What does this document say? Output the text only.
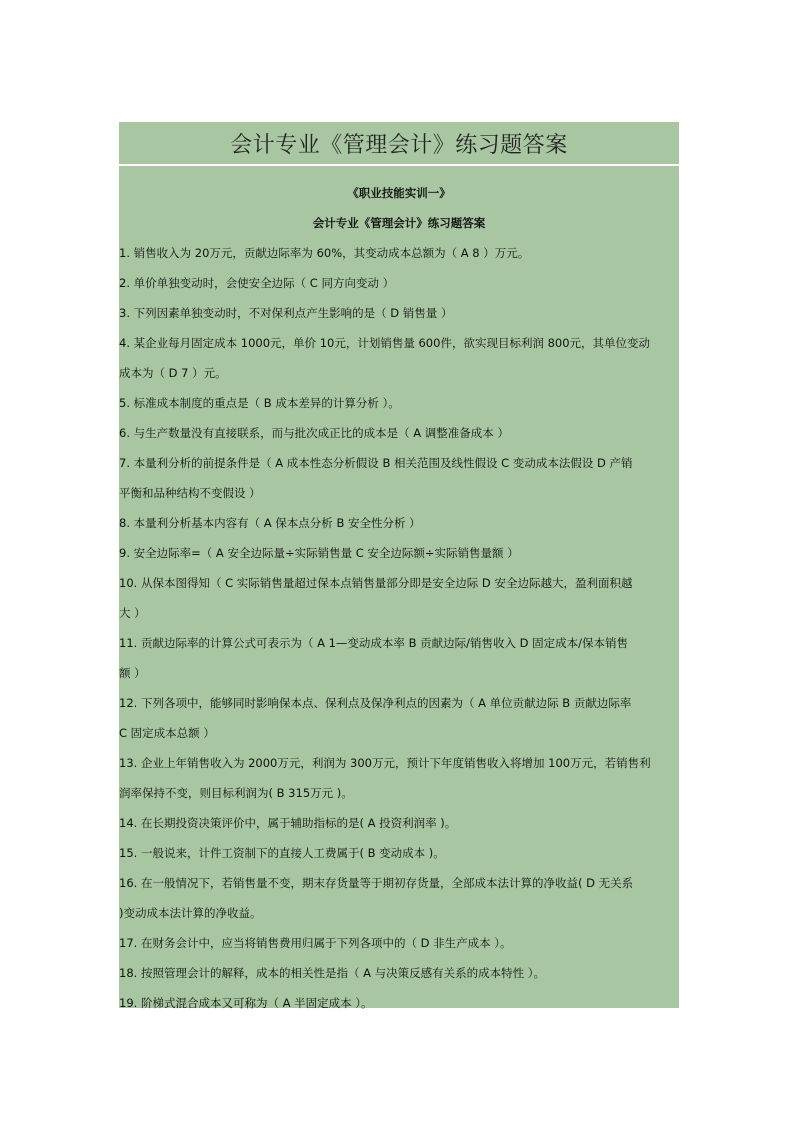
会计专业《管理会计》练习题答案
《职业技能实训一》
会计专业《管理会计》练习题答案
1. 销售收入为 20万元，贡献边际率为 60%，其变动成本总额为（ A 8 ）万元。
2. 单价单独变动时，会使安全边际（ C 同方向变动 ）
3. 下列因素单独变动时，不对保利点产生影响的是（ D 销售量 ）
4. 某企业每月固定成本 1000元，单价 10元，计划销售量 600件，欲实现目标利润 800元，其单位变动
成本为（ D 7 ）元。
5. 标准成本制度的重点是（ B 成本差异的计算分析 ）。
6. 与生产数量没有直接联系，而与批次成正比的成本是（ A 调整准备成本 ）
7. 本量利分析的前提条件是（ A 成本性态分析假设 B 相关范围及线性假设 C 变动成本法假设 D 产销
平衡和品种结构不变假设 ）
8. 本量利分析基本内容有（ A 保本点分析 B 安全性分析 ）
9. 安全边际率=（ A 安全边际量÷实际销售量 C 安全边际额÷实际销售量额 ）
10. 从保本图得知（ C 实际销售量超过保本点销售量部分即是安全边际 D 安全边际越大，盈利面积越
大 ）
11. 贡献边际率的计算公式可表示为（ A 1—变动成本率 B 贡献边际/销售收入 D 固定成本/保本销售
额 ）
12. 下列各项中，能够同时影响保本点、保利点及保净利点的因素为（ A 单位贡献边际 B 贡献边际率
C 固定成本总额 ）
13. 企业上年销售收入为 2000万元，利润为 300万元，预计下年度销售收入将增加 100万元，若销售利
润率保持不变，则目标利润为( B 315万元 )。
14. 在长期投资决策评价中，属于辅助指标的是( A 投资利润率 )。
15. 一般说来，计件工资制下的直接人工费属于( B 变动成本 )。
16. 在一般情况下，若销售量不变，期末存货量等于期初存货量，全部成本法计算的净收益( D 无关系
)变动成本法计算的净收益。
17. 在财务会计中，应当将销售费用归属于下列各项中的（ D 非生产成本 ）。
18. 按照管理会计的解释，成本的相关性是指（ A 与决策反感有关系的成本特性 ）。
19. 阶梯式混合成本又可称为（ A 半固定成本 ）。
